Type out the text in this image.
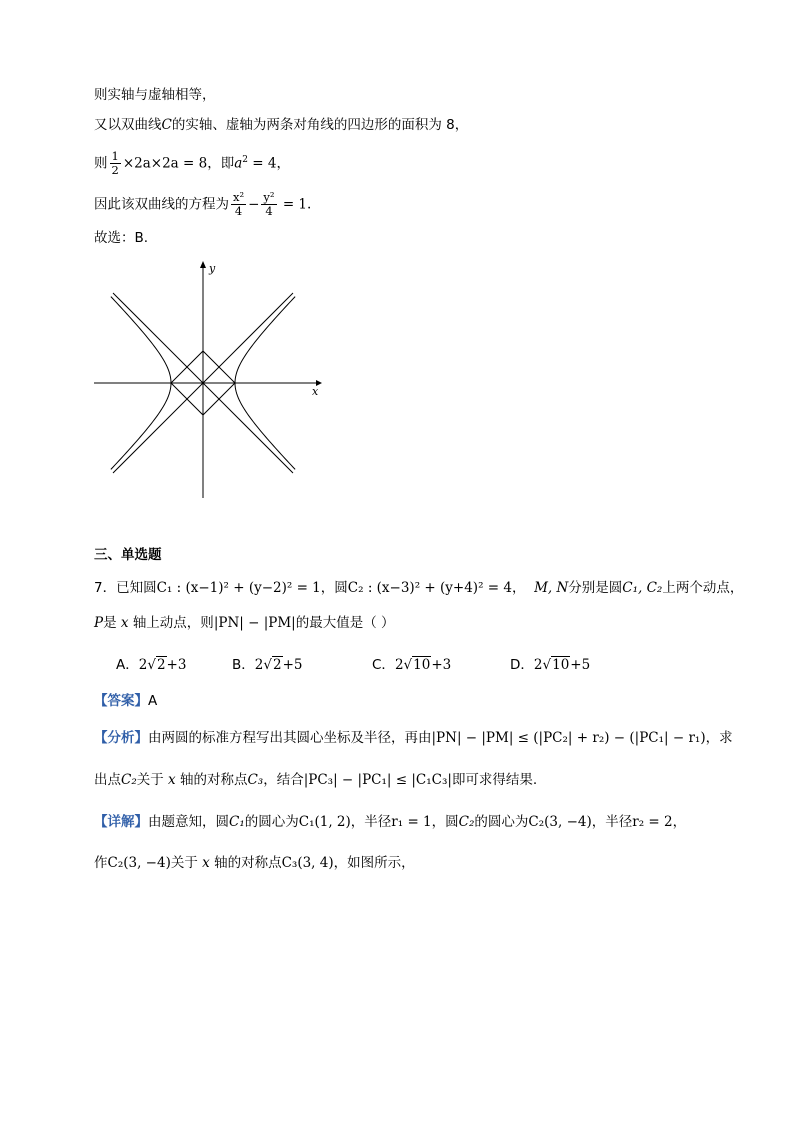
则实轴与虚轴相等，
又以双曲线C的实轴、虚轴为两条对角线的四边形的面积为 8，
则 $\frac{1}{2} \times 2a\times 2a = 8$，即$a^2 = 4$，
因此该双曲线的方程为 $\frac{\text{x²}}{4} - \frac{\text{y²}}{4} = 1$.
故选：B.
x
y
三、单选题
7．已知圆C₁ : (x−1)² + (y−2)² = 1，圆C₂ : (x−3)² + (y+4)² = 4， M, N分别是圆C₁, C₂上两个动点，
P是 x 轴上动点，则|PN| − |PM|的最大值是（ ）
A．2√2+3	B．2√2+5	C．2√10+3	D．2√10+5
【答案】A
【分析】由两圆的标准方程写出其圆心坐标及半径，再由|PN| − |PM| ≤ (|PC₂| + r₂) − (|PC₁| − r₁)，求
出点C₂关于 x 轴的对称点C₃，结合|PC₃| − |PC₁| ≤ |C₁C₃|即可求得结果.
【详解】由题意知，圆C₁的圆心为C₁(1, 2)，半径r₁ = 1，圆C₂的圆心为C₂(3, −4)，半径r₂ = 2，
作C₂(3, −4)关于 x 轴的对称点C₃(3, 4)，如图所示，
